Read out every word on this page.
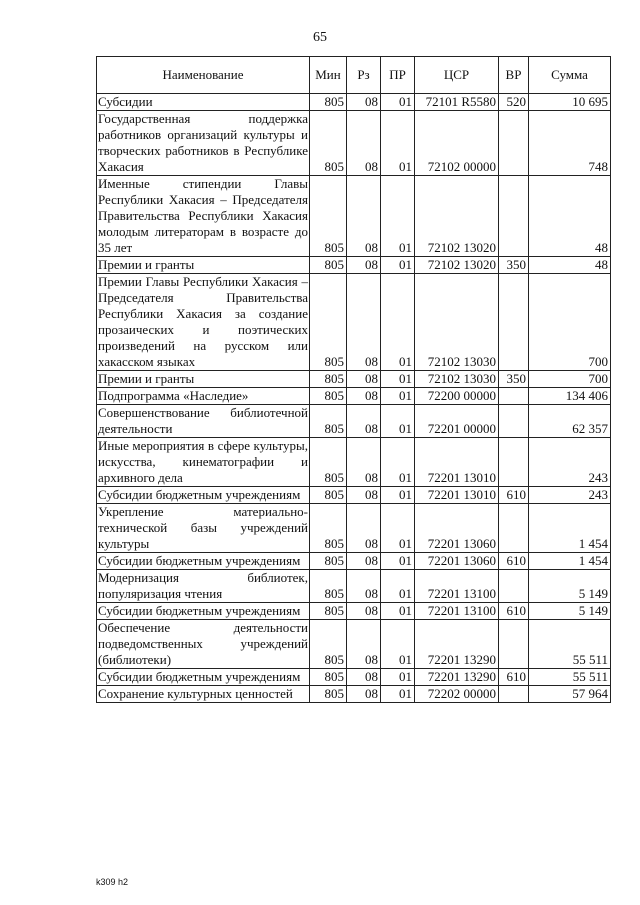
65
Наименование	Мин	Рз	ПР	ЦСР	ВР	Сумма
Субсидии	805	08	01	72101 R5580	520	10 695
Государственная поддержка работников организаций культуры и творческих работников в Республике Хакасия	805	08	01	72102 00000		748
Именные стипендии Главы Республики Хакасия – Председателя Правительства Республики Хакасия молодым литераторам в возрасте до 35 лет	805	08	01	72102 13020		48
Премии и гранты	805	08	01	72102 13020	350	48
Премии Главы Республики Хакасия – Председателя Правительства Республики Хакасия за создание прозаических и поэтических произведений на русском или хакасском языках	805	08	01	72102 13030		700
Премии и гранты	805	08	01	72102 13030	350	700
Подпрограмма «Наследие»	805	08	01	72200 00000		134 406
Совершенствование библиотечной деятельности	805	08	01	72201 00000		62 357
Иные мероприятия в сфере культуры, искусства, кинематографии и архивного дела	805	08	01	72201 13010		243
Субсидии бюджетным учреждениям	805	08	01	72201 13010	610	243
Укрепление материально-технической базы учреждений культуры	805	08	01	72201 13060		1 454
Субсидии бюджетным учреждениям	805	08	01	72201 13060	610	1 454
Модернизация библиотек, популяризация чтения	805	08	01	72201 13100		5 149
Субсидии бюджетным учреждениям	805	08	01	72201 13100	610	5 149
Обеспечение деятельности подведомственных учреждений (библиотеки)	805	08	01	72201 13290		55 511
Субсидии бюджетным учреждениям	805	08	01	72201 13290	610	55 511
Сохранение культурных ценностей	805	08	01	72202 00000		57 964
k309 h2
